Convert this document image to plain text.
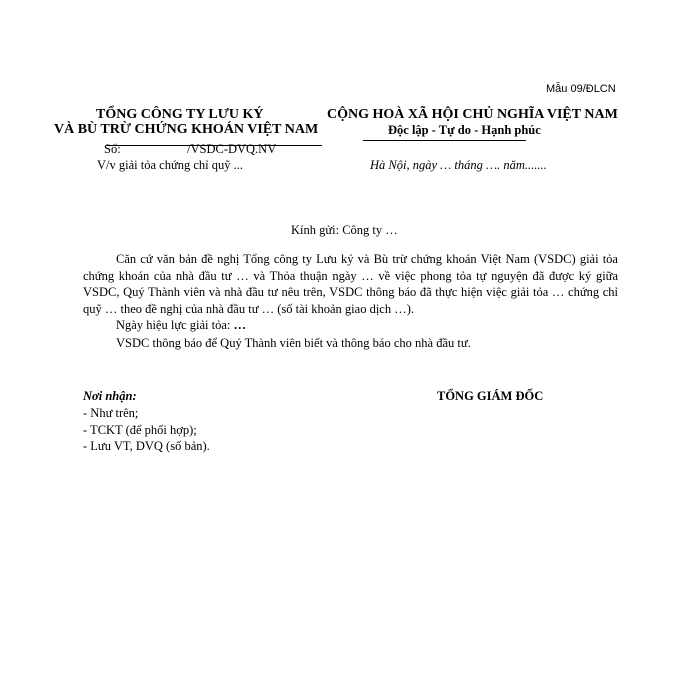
Mẫu 09/ĐLCN
TỔNG CÔNG TY LƯU KÝ
VÀ BÙ TRỪ CHỨNG KHOÁN VIỆT NAM
CỘNG HOÀ XÃ HỘI CHỦ NGHĨA VIỆT NAM
Độc lập - Tự do - Hạnh phúc
Số:	/VSDC-DVQ.NV
V/v giải tỏa chứng chỉ quỹ ...	Hà Nội, ngày … tháng …. năm.......
Kính gửi: Công ty …
Căn cứ văn bản đề nghị Tổng công ty Lưu ký và Bù trừ chứng khoán Việt Nam (VSDC) giải tỏa chứng khoán của nhà đầu tư … và Thỏa thuận ngày … về việc phong tỏa tự nguyện đã được ký giữa VSDC, Quý Thành viên và nhà đầu tư nêu trên, VSDC thông báo đã thực hiện việc giải tỏa … chứng chỉ quỹ … theo đề nghị của nhà đầu tư … (số tài khoản giao dịch …).
Ngày hiệu lực giải tỏa: …
VSDC thông báo để Quý Thành viên biết và thông báo cho nhà đầu tư.
Nơi nhận:
- Như trên;
- TCKT (để phối hợp);
- Lưu VT, DVQ (số bản).
TỔNG GIÁM ĐỐC
